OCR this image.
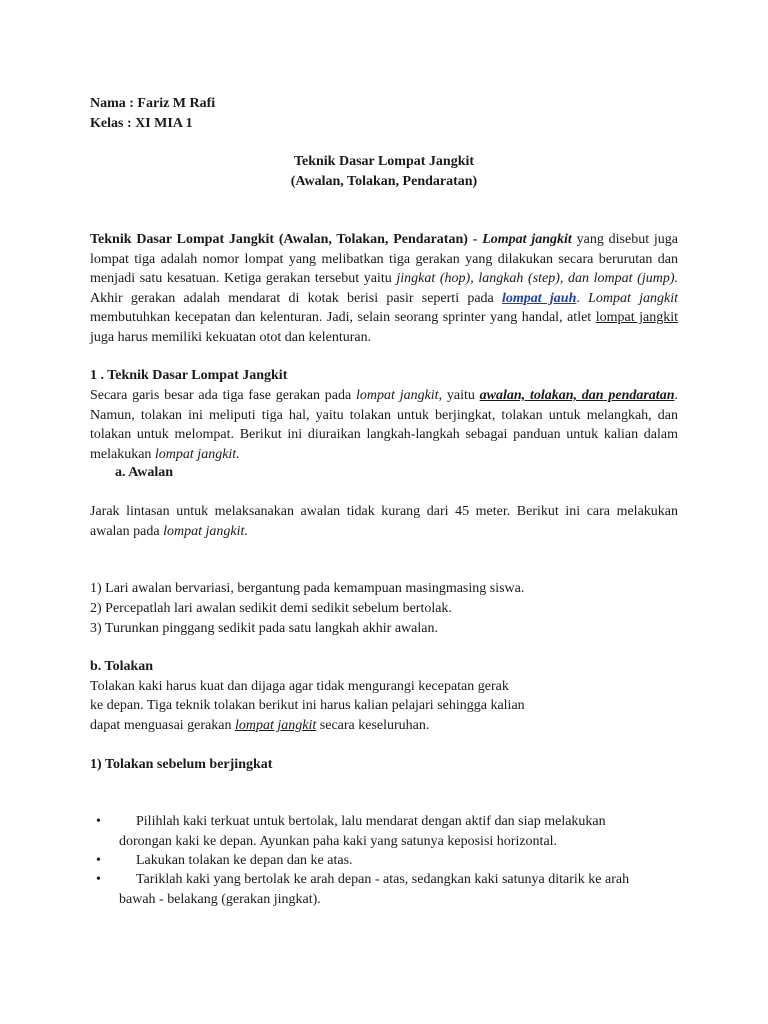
Nama : Fariz M Rafi

Kelas : XI MIA 1

Teknik Dasar Lompat Jangkit

(Awalan, Tolakan, Pendaratan)

Teknik Dasar Lompat Jangkit (Awalan, Tolakan, Pendaratan) - Lompat jangkit yang disebut juga lompat tiga adalah nomor lompat yang melibatkan tiga gerakan yang dilakukan secara berurutan dan menjadi satu kesatuan. Ketiga gerakan tersebut yaitu jingkat (hop), langkah (step), dan lompat (jump). Akhir gerakan adalah mendarat di kotak berisi pasir seperti pada lompat jauh. Lompat jangkit membutuhkan kecepatan dan kelenturan. Jadi, selain seorang sprinter yang handal, atlet lompat jangkit juga harus memiliki kekuatan otot dan kelenturan.

1 . Teknik Dasar Lompat Jangkit

Secara garis besar ada tiga fase gerakan pada lompat jangkit, yaitu awalan, tolakan, dan pendaratan. Namun, tolakan ini meliputi tiga hal, yaitu tolakan untuk berjingkat, tolakan untuk melangkah, dan tolakan untuk melompat. Berikut ini diuraikan langkah-langkah sebagai panduan untuk kalian dalam melakukan lompat jangkit.

a. Awalan

Jarak lintasan untuk melaksanakan awalan tidak kurang dari 45 meter. Berikut ini cara melakukan awalan pada lompat jangkit.

1) Lari awalan bervariasi, bergantung pada kemampuan masingmasing siswa.

2) Percepatlah lari awalan sedikit demi sedikit sebelum bertolak.

3) Turunkan pinggang sedikit pada satu langkah akhir awalan.

b. Tolakan

Tolakan kaki harus kuat dan dijaga agar tidak mengurangi kecepatan gerak

ke depan. Tiga teknik tolakan berikut ini harus kalian pelajari sehingga kalian

dapat menguasai gerakan lompat jangkit secara keseluruhan.

1) Tolakan sebelum berjingkat

•	Pilihlah kaki terkuat untuk bertolak, lalu mendarat dengan aktif dan siap melakukan dorongan kaki ke depan. Ayunkan paha kaki yang satunya keposisi horizontal.

•	Lakukan tolakan ke depan dan ke atas.

•	Tariklah kaki yang bertolak ke arah depan - atas, sedangkan kaki satunya ditarik ke arah bawah - belakang (gerakan jingkat).
